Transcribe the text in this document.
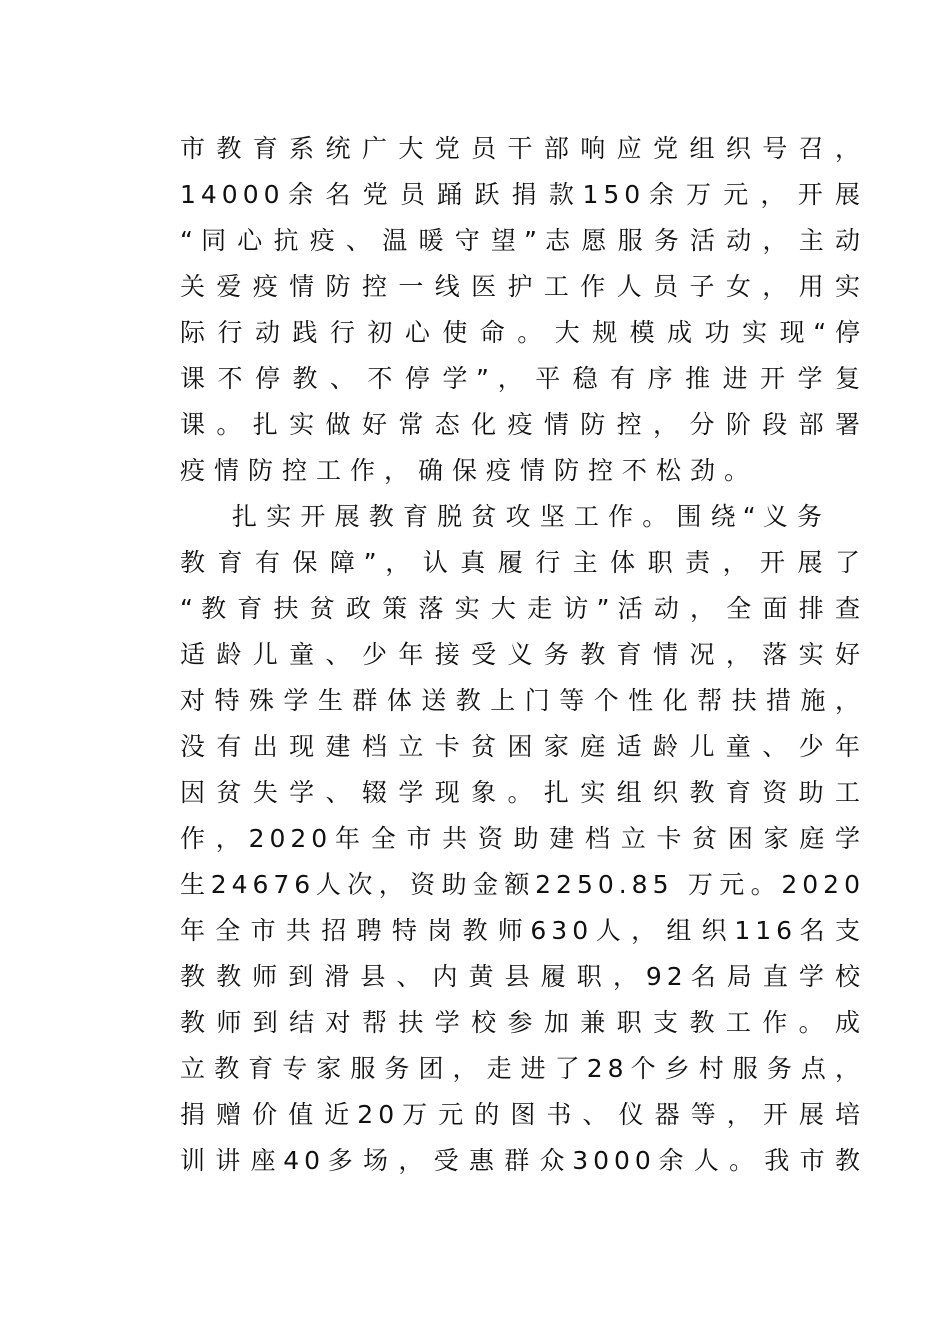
市 教 育 系 统 广 大 党 员 干 部 响 应 党 组 织 号 召 ，
1 4 0 0 0 余 名 党 员 踊 跃 捐 款 1 5 0 余 万 元 ， 开 展
“ 同 心 抗 疫 、 温 暖 守 望 ” 志 愿 服 务 活 动 ， 主 动
关 爱 疫 情 防 控 一 线 医 护 工 作 人 员 子 女 ， 用 实
际 行 动 践 行 初 心 使 命 。 大 规 模 成 功 实 现 “ 停
课 不 停 教 、 不 停 学 ” ， 平 稳 有 序 推 进 开 学 复
课 。 扎 实 做 好 常 态 化 疫 情 防 控 ， 分 阶 段 部 署
疫情防控工作，确保疫情防控不松劲。
扎 实 开 展 教 育 脱 贫 攻 坚 工 作 。 围 绕 “ 义 务
教 育 有 保 障 ” ， 认 真 履 行 主 体 职 责 ， 开 展 了
“ 教 育 扶 贫 政 策 落 实 大 走 访 ” 活 动 ， 全 面 排 查
适 龄 儿 童 、 少 年 接 受 义 务 教 育 情 况 ， 落 实 好
对 特 殊 学 生 群 体 送 教 上 门 等 个 性 化 帮 扶 措 施 ，
没 有 出 现 建 档 立 卡 贫 困 家 庭 适 龄 儿 童 、 少 年
因 贫 失 学 、 辍 学 现 象 。 扎 实 组 织 教 育 资 助 工
作 ， 2 0 2 0 年 全 市 共 资 助 建 档 立 卡 贫 困 家 庭 学
生 2 4 6 7 6 人 次 ， 资 助 金 额 2 2 5 0 . 8 5   万 元 。 2 0 2 0
年 全 市 共 招 聘 特 岗 教 师 6 3 0 人 ， 组 织 1 1 6 名 支
教 教 师 到 滑 县 、 内 黄 县 履 职 ， 9 2 名 局 直 学 校
教 师 到 结 对 帮 扶 学 校 参 加 兼 职 支 教 工 作 。 成
立 教 育 专 家 服 务 团 ， 走 进 了 2 8 个 乡 村 服 务 点 ，
捐 赠 价 值 近 2 0 万 元 的 图 书 、 仪 器 等 ， 开 展 培
训 讲 座 4 0 多 场 ， 受 惠 群 众 3 0 0 0 余 人 。 我 市 教
